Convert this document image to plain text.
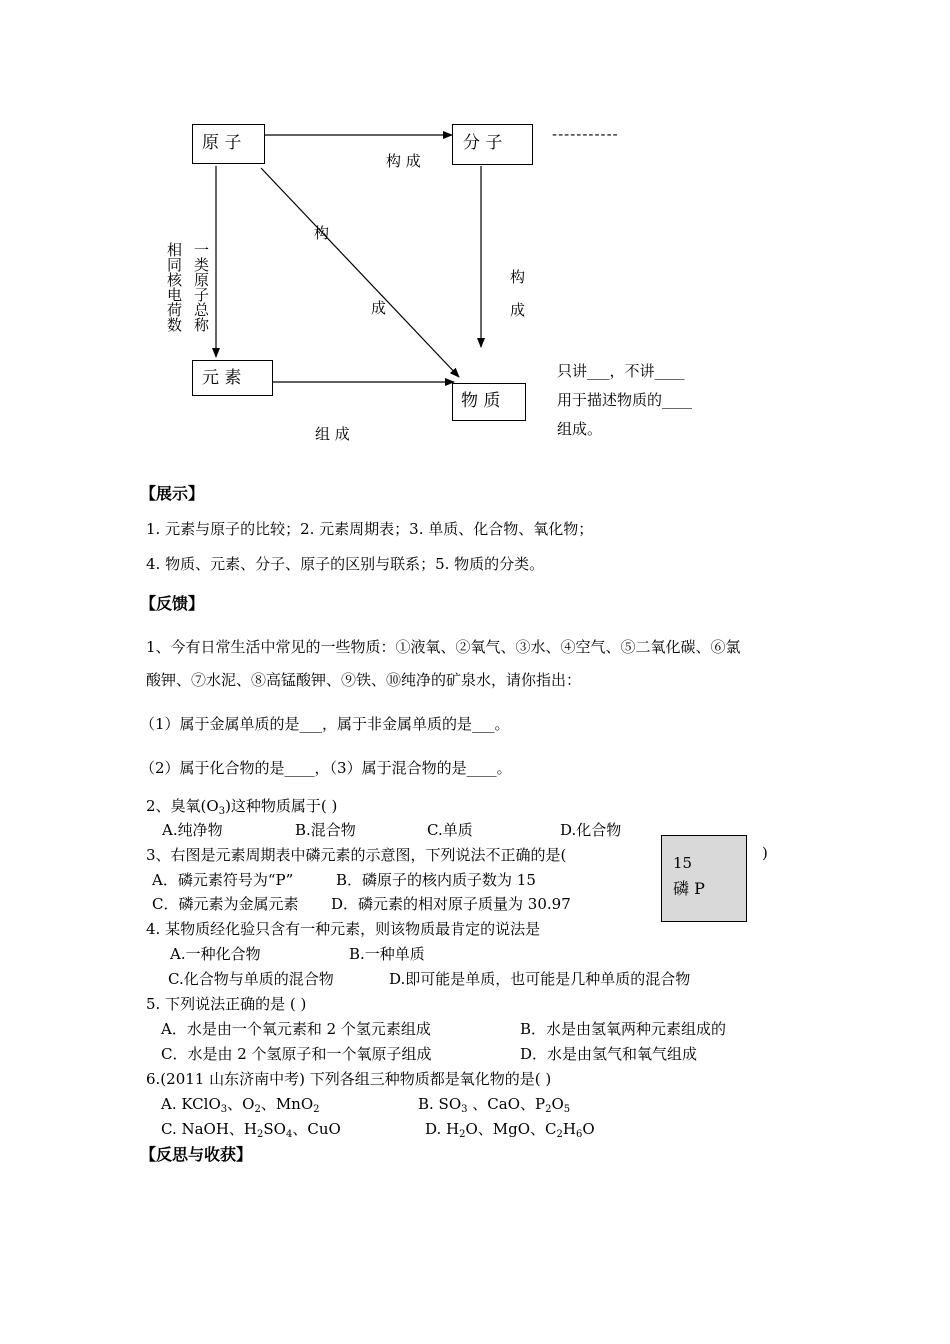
原 子	分 子	-----------
元 素
物 质
构 成
构
成
构
成
相同核电荷数 一类原子总称
组 成
只讲___，不讲____
用于描述物质的____
组成。
【展示】
1. 元素与原子的比较；2. 元素周期表；3. 单质、化合物、氧化物；
4. 物质、元素、分子、原子的区别与联系；5. 物质的分类。
【反馈】
1、今有日常生活中常见的一些物质：①液氧、②氧气、③水、④空气、⑤二氧化碳、⑥氯
酸钾、⑦水泥、⑧高锰酸钾、⑨铁、⑩纯净的矿泉水，请你指出：
（1）属于金属单质的是___，属于非金属单质的是___。
（2）属于化合物的是____，（3）属于混合物的是____。
2、臭氧$(O_3)$这种物质属于( )
A.纯净物	B.混合物	C.单质	D.化合物
3、右图是元素周期表中磷元素的示意图，下列说法不正确的是(	)
15
磷 P
A．磷元素符号为“P”	B．磷原子的核内质子数为 15
C．磷元素为金属元素 D．磷元素的相对原子质量为 30.97
4. 某物质经化验只含有一种元素，则该物质最肯定的说法是
A.一种化合物	B.一种单质
C.化合物与单质的混合物	D.即可能是单质，也可能是几种单质的混合物
5. 下列说法正确的是 ( )
A．水是由一个氧元素和 2 个氢元素组成	B．水是由氢氧两种元素组成的
C．水是由 2 个氢原子和一个氧原子组成	D．水是由氢气和氧气组成
6.(2011 山东济南中考) 下列各组三种物质都是氧化物的是( )
A. KClO$_3$、$O_2$、MnO$_2$	B. $SO_3$ 、CaO、$P_2O_5$
C. NaOH、$H_2SO_4$、CuO	D. $H_2O$、MgO、$C_2H_6O$
【反思与收获】
